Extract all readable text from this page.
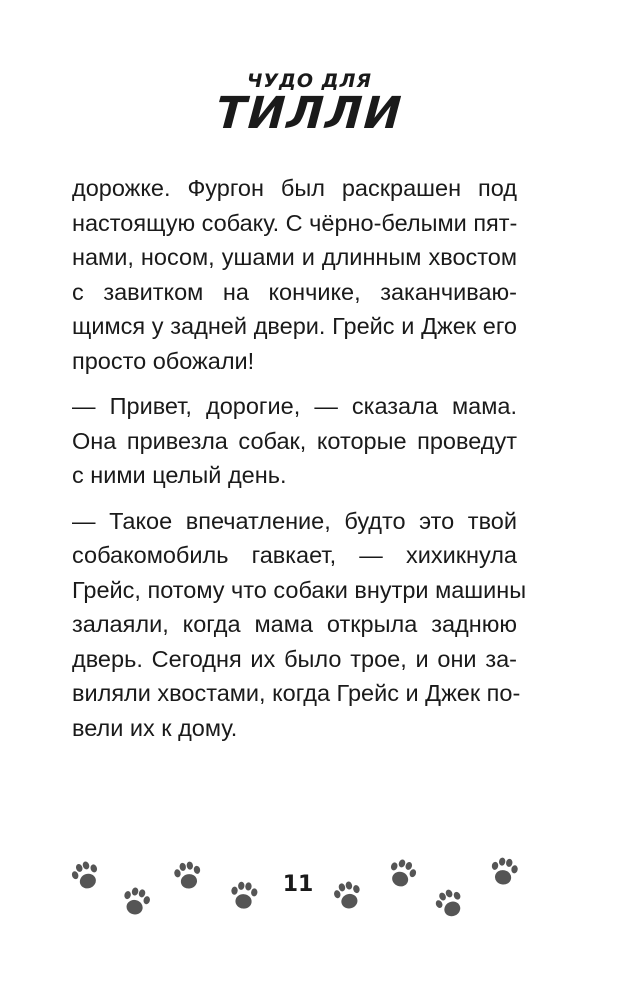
ЧУДО ДЛЯ
ТИЛЛИ
дорожке. Фургон был раскрашен под
настоящую собаку. С чёрно-белыми пят-
нами, носом, ушами и длинным хвостом
с завитком на кончике, заканчиваю-
щимся у задней двери. Грейс и Джек его
просто обожали!
— Привет, дорогие, — сказала мама.
Она привезла собак, которые проведут
с ними целый день.
— Такое впечатление, будто это твой
собакомобиль гавкает, — хихикнула
Грейс, потому что собаки внутри машины
залаяли, когда мама открыла заднюю
дверь. Сегодня их было трое, и они за-
виляли хвостами, когда Грейс и Джек по-
вели их к дому.
11
